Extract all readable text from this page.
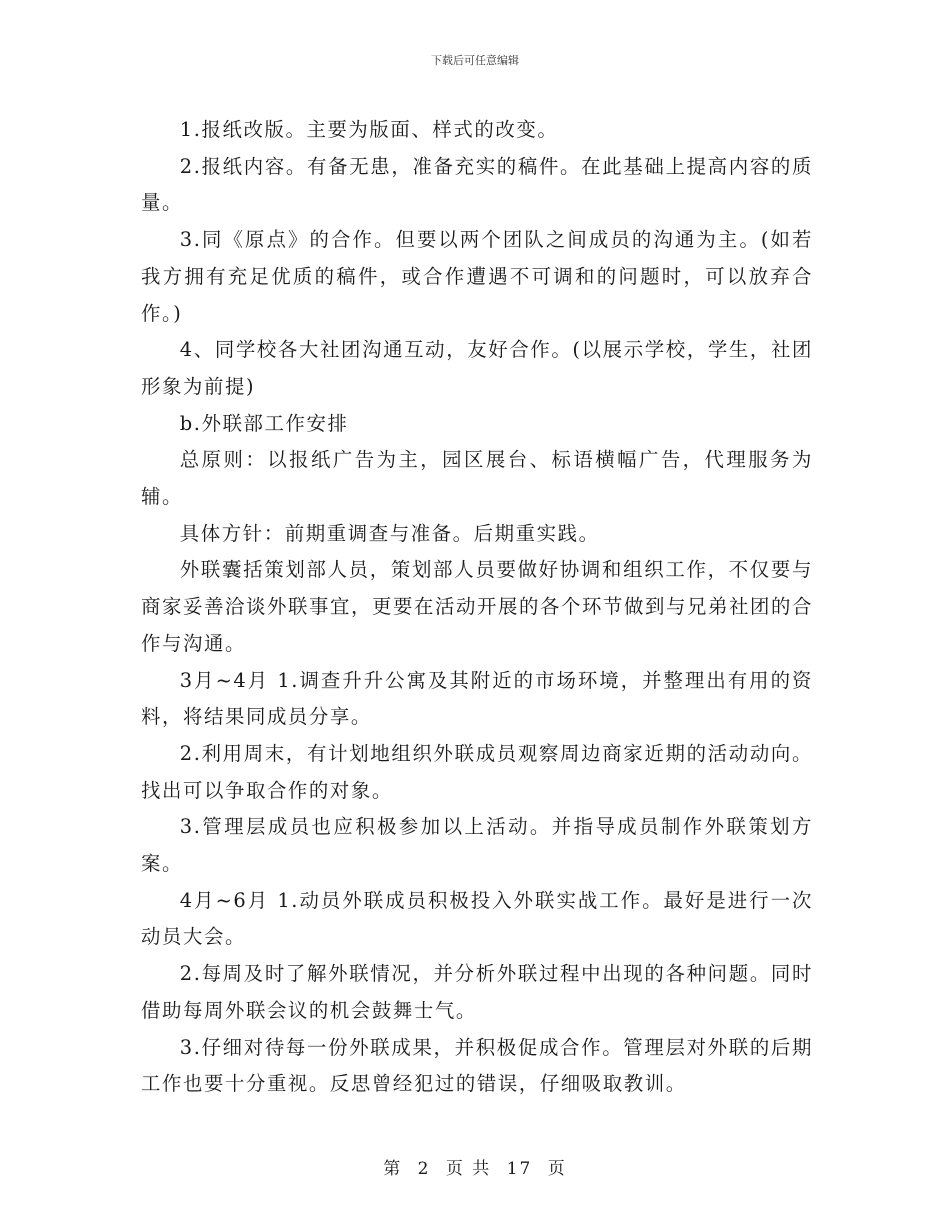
下载后可任意编辑

1.报纸改版。主要为版面、样式的改变。

2.报纸内容。有备无患，准备充实的稿件。在此基础上提高内容的质量。

3.同《原点》的合作。但要以两个团队之间成员的沟通为主。(如若我方拥有充足优质的稿件，或合作遭遇不可调和的问题时，可以放弃合作。)

4、同学校各大社团沟通互动，友好合作。(以展示学校，学生，社团形象为前提)

b.外联部工作安排

总原则：以报纸广告为主，园区展台、标语横幅广告，代理服务为辅。

具体方针：前期重调查与准备。后期重实践。

外联囊括策划部人员，策划部人员要做好协调和组织工作，不仅要与商家妥善洽谈外联事宜，更要在活动开展的各个环节做到与兄弟社团的合作与沟通。

3月~4月 1.调查升升公寓及其附近的市场环境，并整理出有用的资料，将结果同成员分享。

2.利用周末，有计划地组织外联成员观察周边商家近期的活动动向。找出可以争取合作的对象。

3.管理层成员也应积极参加以上活动。并指导成员制作外联策划方案。

4月~6月 1.动员外联成员积极投入外联实战工作。最好是进行一次动员大会。

2.每周及时了解外联情况，并分析外联过程中出现的各种问题。同时借助每周外联会议的机会鼓舞士气。

3.仔细对待每一份外联成果，并积极促成合作。管理层对外联的后期工作也要十分重视。反思曾经犯过的错误，仔细吸取教训。

第 2 页 共 17 页
